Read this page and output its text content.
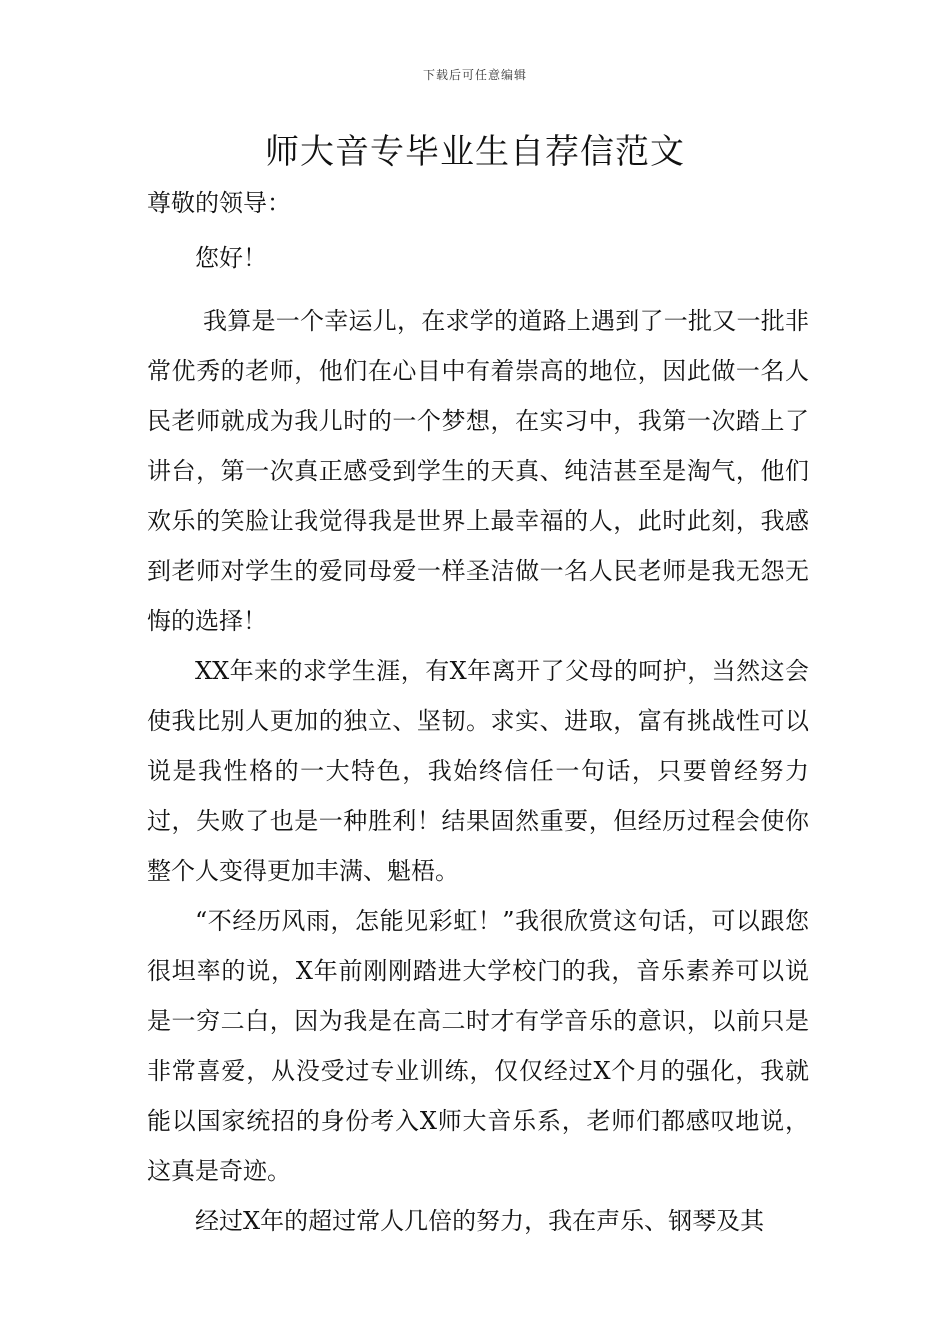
下载后可任意编辑
师大音专毕业生自荐信范文

尊敬的领导：

您好！

我算是一个幸运儿，在求学的道路上遇到了一批又一批非常优秀的老师，他们在心目中有着崇高的地位，因此做一名人民老师就成为我儿时的一个梦想，在实习中，我第一次踏上了讲台，第一次真正感受到学生的天真、纯洁甚至是淘气，他们欢乐的笑脸让我觉得我是世界上最幸福的人，此时此刻，我感到老师对学生的爱同母爱一样圣洁做一名人民老师是我无怨无悔的选择！

XX年来的求学生涯，有X年离开了父母的呵护，当然这会使我比别人更加的独立、坚韧。求实、进取，富有挑战性可以说是我性格的一大特色，我始终信任一句话，只要曾经努力过，失败了也是一种胜利！结果固然重要，但经历过程会使你整个人变得更加丰满、魁梧。

“不经历风雨，怎能见彩虹！”我很欣赏这句话，可以跟您很坦率的说，X年前刚刚踏进大学校门的我，音乐素养可以说是一穷二白，因为我是在高二时才有学音乐的意识，以前只是非常喜爱，从没受过专业训练，仅仅经过X个月的强化，我就能以国家统招的身份考入X师大音乐系，老师们都感叹地说，这真是奇迹。

经过X年的超过常人几倍的努力，我在声乐、钢琴及其
